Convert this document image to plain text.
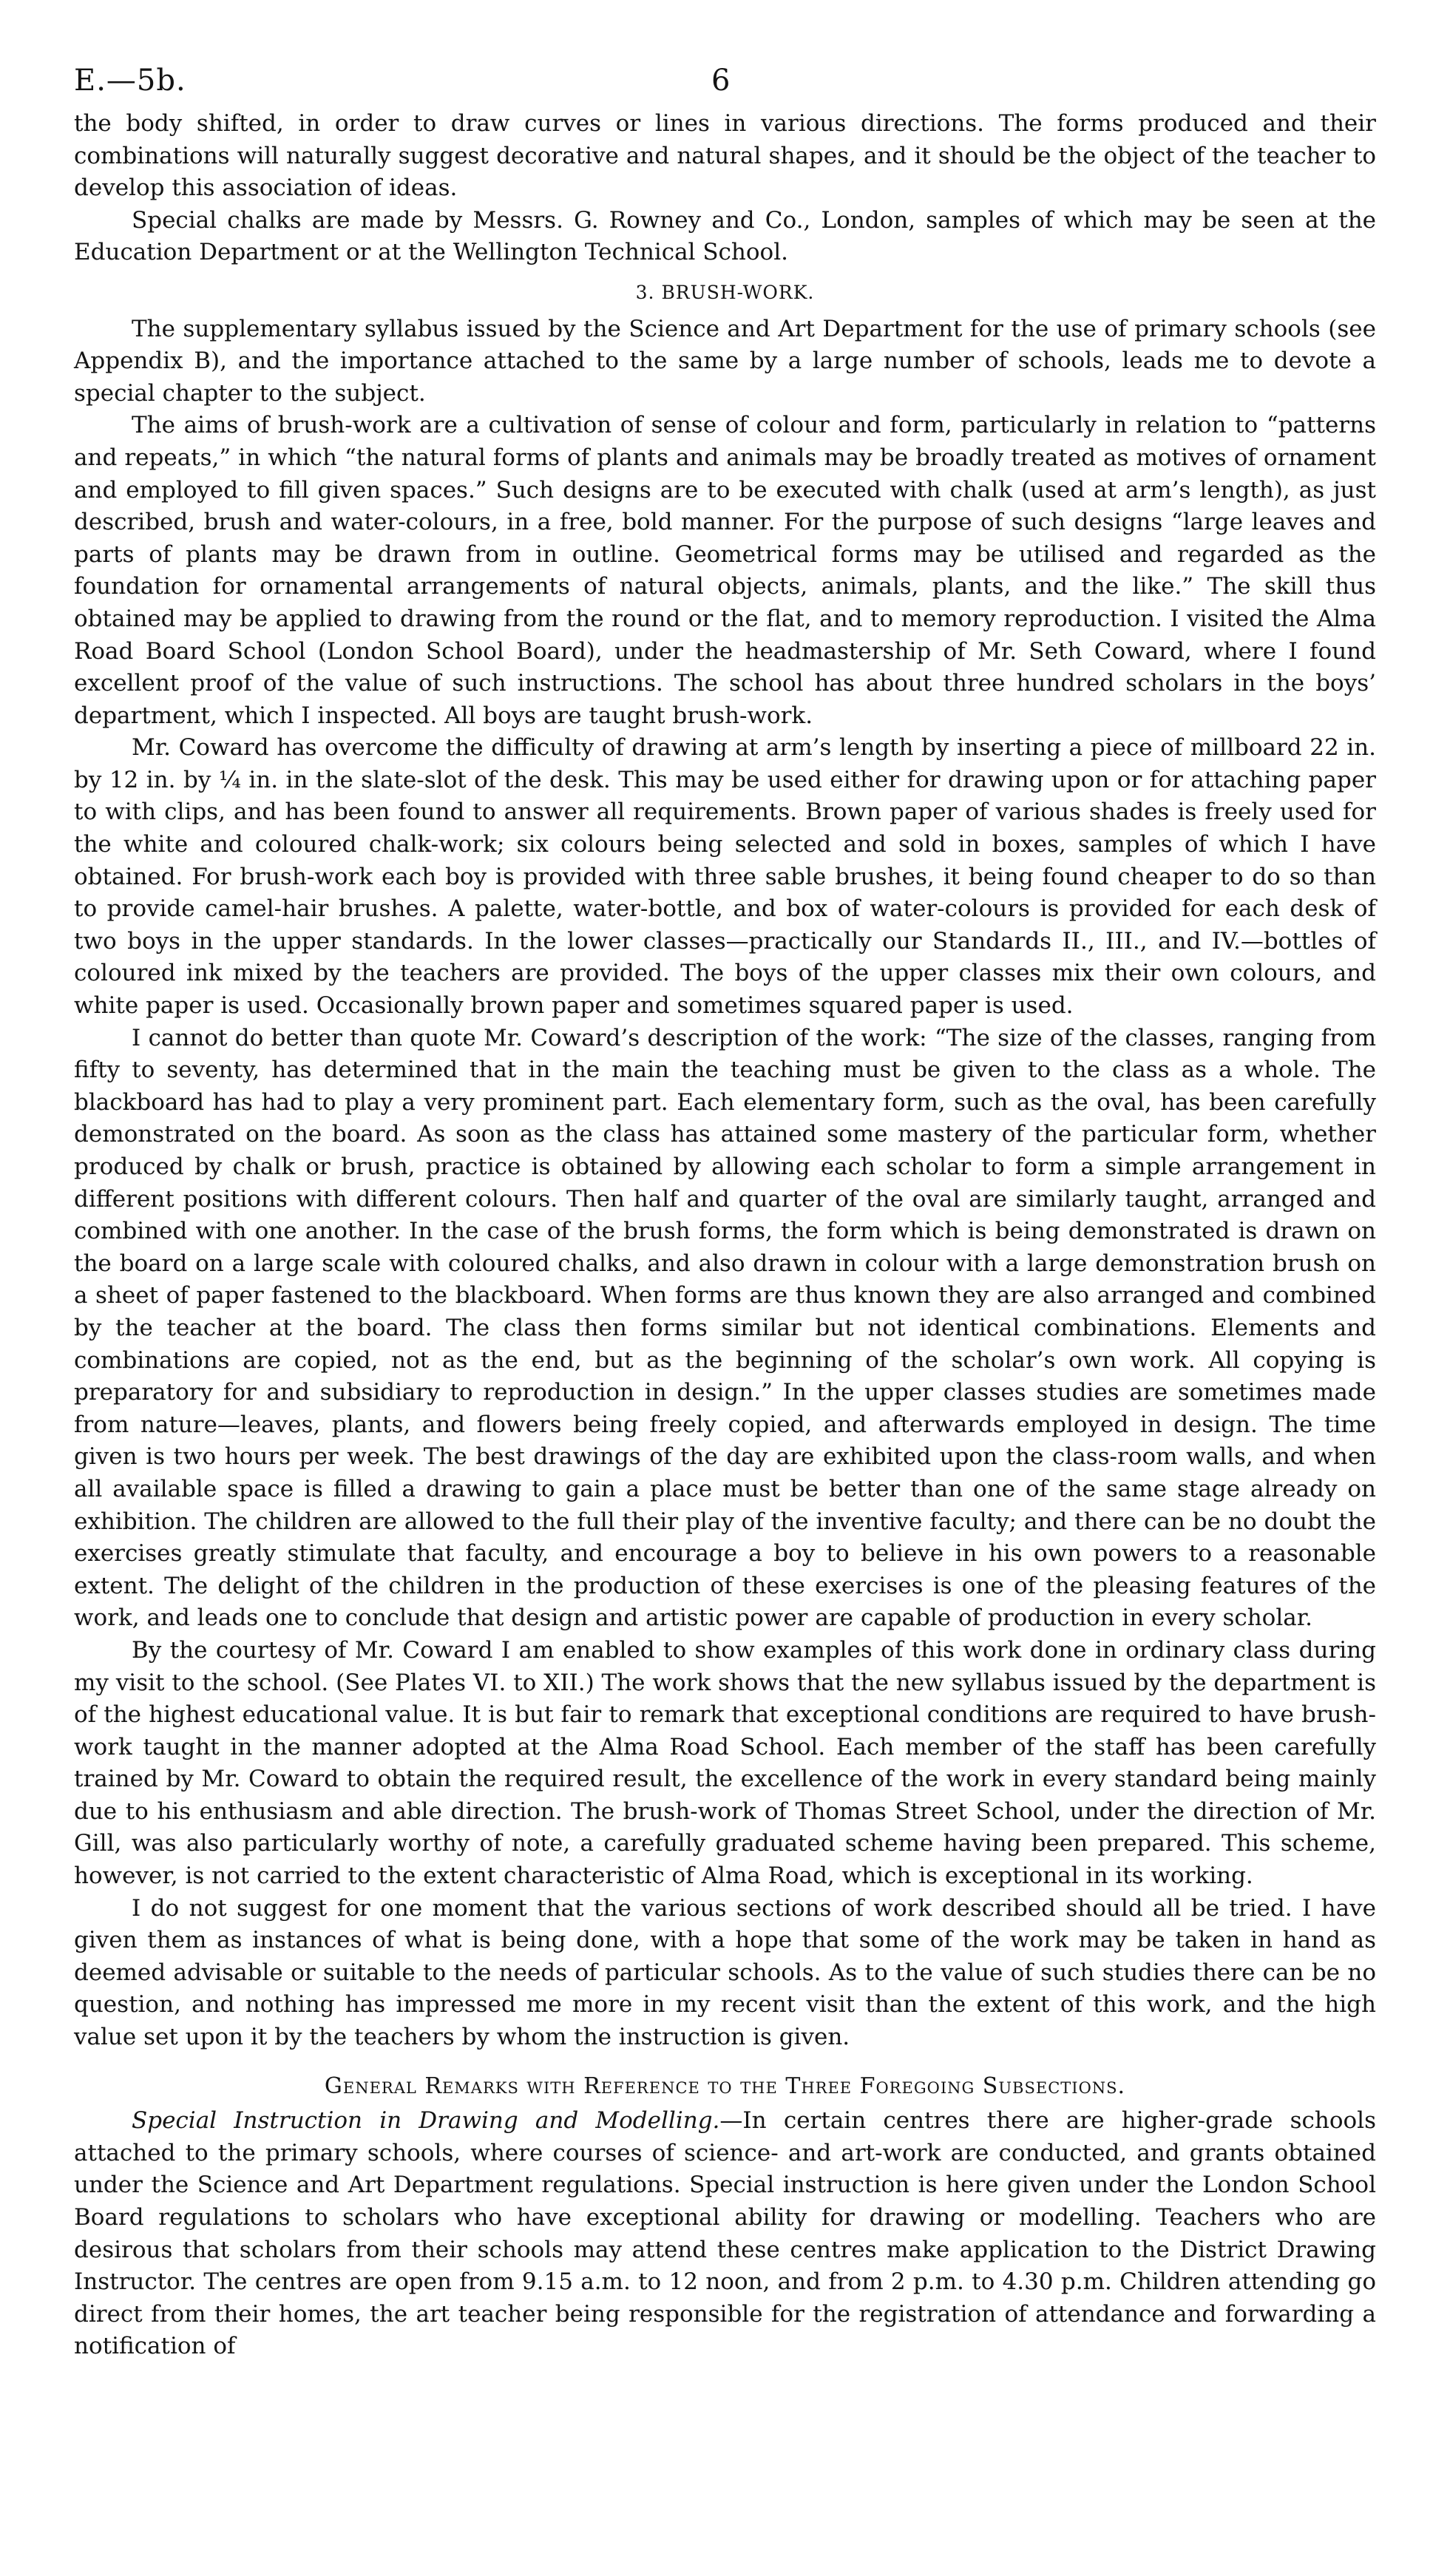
E.—5b.	6

the body shifted, in order to draw curves or lines in various directions. The forms produced and their combinations will naturally suggest decorative and natural shapes, and it should be the object of the teacher to develop this association of ideas.

Special chalks are made by Messrs. G. Rowney and Co., London, samples of which may be seen at the Education Department or at the Wellington Technical School.

3. BRUSH-WORK.

The supplementary syllabus issued by the Science and Art Department for the use of primary schools (see Appendix B), and the importance attached to the same by a large number of schools, leads me to devote a special chapter to the subject.

The aims of brush-work are a cultivation of sense of colour and form, particularly in relation to “patterns and repeats,” in which “the natural forms of plants and animals may be broadly treated as motives of ornament and employed to fill given spaces.” Such designs are to be executed with chalk (used at arm’s length), as just described, brush and water-colours, in a free, bold manner. For the purpose of such designs “large leaves and parts of plants may be drawn from in outline. Geometrical forms may be utilised and regarded as the foundation for ornamental arrangements of natural objects, animals, plants, and the like.” The skill thus obtained may be applied to drawing from the round or the flat, and to memory reproduction. I visited the Alma Road Board School (London School Board), under the headmastership of Mr. Seth Coward, where I found excellent proof of the value of such instructions. The school has about three hundred scholars in the boys’ department, which I inspected. All boys are taught brush-work.

Mr. Coward has overcome the difficulty of drawing at arm’s length by inserting a piece of millboard 22 in. by 12 in. by ¼ in. in the slate-slot of the desk. This may be used either for drawing upon or for attaching paper to with clips, and has been found to answer all requirements. Brown paper of various shades is freely used for the white and coloured chalk-work; six colours being selected and sold in boxes, samples of which I have obtained. For brush-work each boy is provided with three sable brushes, it being found cheaper to do so than to provide camel-hair brushes. A palette, water-bottle, and box of water-colours is provided for each desk of two boys in the upper standards. In the lower classes—practically our Standards II., III., and IV.—bottles of coloured ink mixed by the teachers are provided. The boys of the upper classes mix their own colours, and white paper is used. Occasionally brown paper and sometimes squared paper is used.

I cannot do better than quote Mr. Coward’s description of the work: “The size of the classes, ranging from fifty to seventy, has determined that in the main the teaching must be given to the class as a whole. The blackboard has had to play a very prominent part. Each elementary form, such as the oval, has been carefully demonstrated on the board. As soon as the class has attained some mastery of the particular form, whether produced by chalk or brush, practice is obtained by allowing each scholar to form a simple arrangement in different positions with different colours. Then half and quarter of the oval are similarly taught, arranged and combined with one another. In the case of the brush forms, the form which is being demonstrated is drawn on the board on a large scale with coloured chalks, and also drawn in colour with a large demonstration brush on a sheet of paper fastened to the blackboard. When forms are thus known they are also arranged and combined by the teacher at the board. The class then forms similar but not identical combinations. Elements and combinations are copied, not as the end, but as the beginning of the scholar’s own work. All copying is preparatory for and subsidiary to reproduction in design.” In the upper classes studies are sometimes made from nature—leaves, plants, and flowers being freely copied, and afterwards employed in design. The time given is two hours per week. The best drawings of the day are exhibited upon the class-room walls, and when all available space is filled a drawing to gain a place must be better than one of the same stage already on exhibition. The children are allowed to the full their play of the inventive faculty; and there can be no doubt the exercises greatly stimulate that faculty, and encourage a boy to believe in his own powers to a reasonable extent. The delight of the children in the production of these exercises is one of the pleasing features of the work, and leads one to conclude that design and artistic power are capable of production in every scholar.

By the courtesy of Mr. Coward I am enabled to show examples of this work done in ordinary class during my visit to the school. (See Plates VI. to XII.) The work shows that the new syllabus issued by the department is of the highest educational value. It is but fair to remark that exceptional conditions are required to have brush-work taught in the manner adopted at the Alma Road School. Each member of the staff has been carefully trained by Mr. Coward to obtain the required result, the excellence of the work in every standard being mainly due to his enthusiasm and able direction. The brush-work of Thomas Street School, under the direction of Mr. Gill, was also particularly worthy of note, a carefully graduated scheme having been prepared. This scheme, however, is not carried to the extent characteristic of Alma Road, which is exceptional in its working.

I do not suggest for one moment that the various sections of work described should all be tried. I have given them as instances of what is being done, with a hope that some of the work may be taken in hand as deemed advisable or suitable to the needs of particular schools. As to the value of such studies there can be no question, and nothing has impressed me more in my recent visit than the extent of this work, and the high value set upon it by the teachers by whom the instruction is given.

General Remarks with Reference to the Three Foregoing Subsections.

Special Instruction in Drawing and Modelling.—In certain centres there are higher-grade schools attached to the primary schools, where courses of science- and art-work are conducted, and grants obtained under the Science and Art Department regulations. Special instruction is here given under the London School Board regulations to scholars who have exceptional ability for drawing or modelling. Teachers who are desirous that scholars from their schools may attend these centres make application to the District Drawing Instructor. The centres are open from 9.15 a.m. to 12 noon, and from 2 p.m. to 4.30 p.m. Children attending go direct from their homes, the art teacher being responsible for the registration of attendance and forwarding a notification of
